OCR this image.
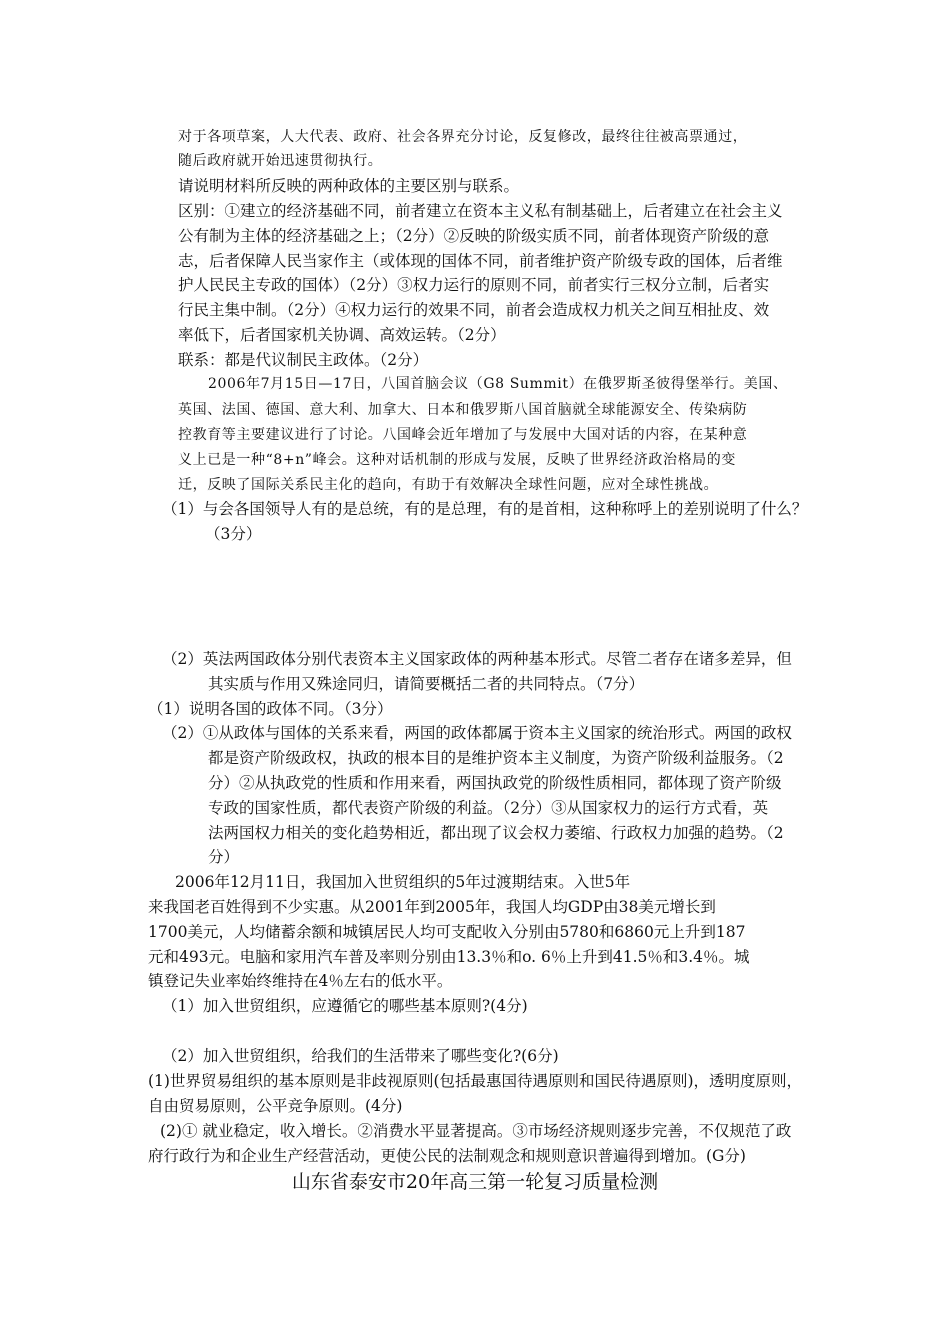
对于各项草案，人大代表、政府、社会各界充分讨论，反复修改，最终往往被高票通过，
随后政府就开始迅速贯彻执行。
请说明材料所反映的两种政体的主要区别与联系。
区别：①建立的经济基础不同，前者建立在资本主义私有制基础上，后者建立在社会主义
公有制为主体的经济基础之上；（2分）②反映的阶级实质不同，前者体现资产阶级的意
志，后者保障人民当家作主（或体现的国体不同，前者维护资产阶级专政的国体，后者维
护人民民主专政的国体）（2分）③权力运行的原则不同，前者实行三权分立制，后者实
行民主集中制。（2分）④权力运行的效果不同，前者会造成权力机关之间互相扯皮、效
率低下，后者国家机关协调、高效运转。（2分）
联系：都是代议制民主政体。（2分）
2006年7月15日—17日，八国首脑会议（G8 Summit）在俄罗斯圣彼得堡举行。美国、
英国、法国、德国、意大利、加拿大、日本和俄罗斯八国首脑就全球能源安全、传染病防
控教育等主要建议进行了讨论。八国峰会近年增加了与发展中大国对话的内容，在某种意
义上已是一种“8+n”峰会。这种对话机制的形成与发展，反映了世界经济政治格局的变
迁，反映了国际关系民主化的趋向，有助于有效解决全球性问题，应对全球性挑战。
（1）与会各国领导人有的是总统，有的是总理，有的是首相，这种称呼上的差别说明了什么？
（3分）
（2）英法两国政体分别代表资本主义国家政体的两种基本形式。尽管二者存在诸多差异，但
其实质与作用又殊途同归，请简要概括二者的共同特点。（7分）
（1）说明各国的政体不同。（3分）
（2）①从政体与国体的关系来看，两国的政体都属于资本主义国家的统治形式。两国的政权
都是资产阶级政权，执政的根本目的是维护资本主义制度，为资产阶级利益服务。（2
分）②从执政党的性质和作用来看，两国执政党的阶级性质相同，都体现了资产阶级
专政的国家性质，都代表资产阶级的利益。（2分）③从国家权力的运行方式看，英
法两国权力相关的变化趋势相近，都出现了议会权力萎缩、行政权力加强的趋势。（2
分）
2006年12月11日，我国加入世贸组织的5年过渡期结束。入世5年
来我国老百姓得到不少实惠。从2001年到2005年，我国人均GDP由38美元增长到
1700美元，人均储蓄余额和城镇居民人均可支配收入分别由5780和6860元上升到187
元和493元。电脑和家用汽车普及率则分别由13.3％和o. 6％上升到41.5％和3.4％。城
镇登记失业率始终维持在4％左右的低水平。
（1）加入世贸组织，应遵循它的哪些基本原则?(4分)
（2）加入世贸组织，给我们的生活带来了哪些变化?(6分)
(1)世界贸易组织的基本原则是非歧视原则(包括最惠国待遇原则和国民待遇原则)，透明度原则，
自由贸易原则，公平竞争原则。(4分)
(2)① 就业稳定，收入增长。②消费水平显著提高。③市场经济规则逐步完善，不仅规范了政
府行政行为和企业生产经营活动，更使公民的法制观念和规则意识普遍得到增加。(G分)
山东省泰安市20年高三第一轮复习质量检测
